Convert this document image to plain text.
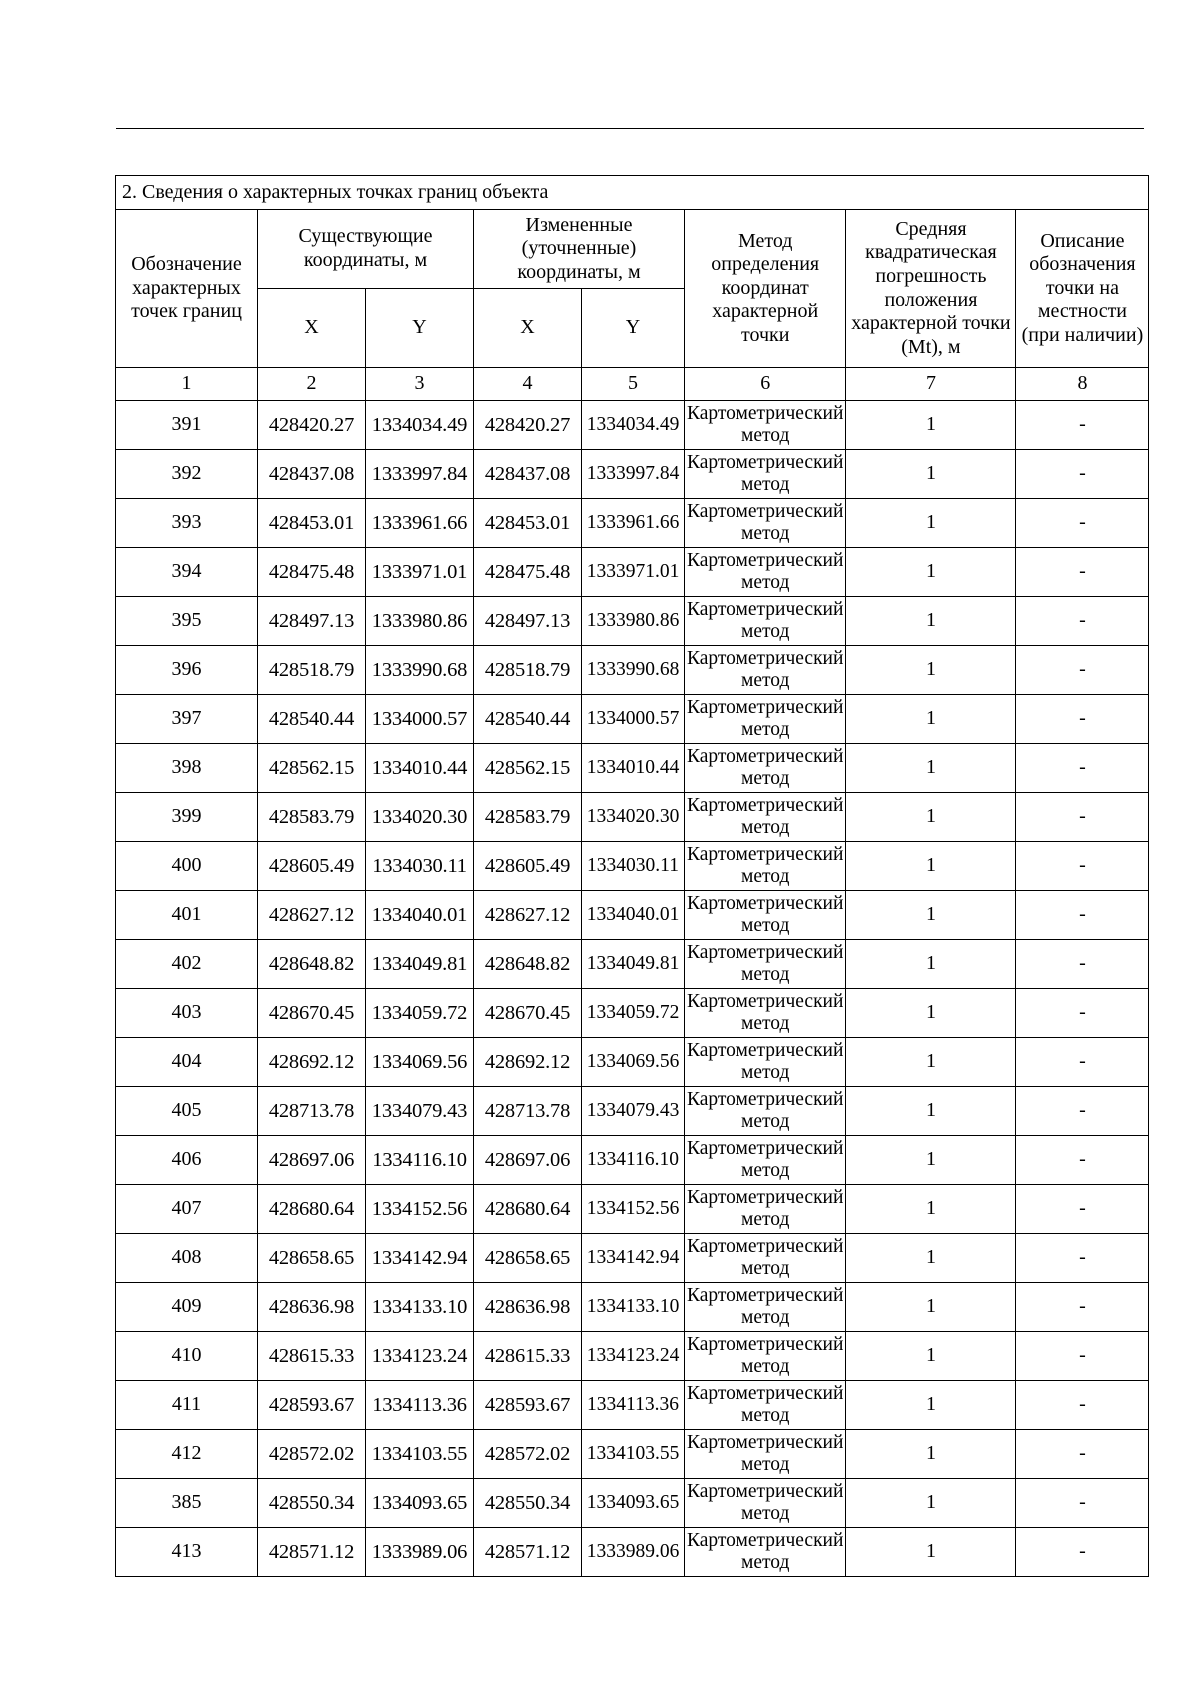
2. Сведения о характерных точках границ объекта							
Обозначение характерных точек границ	Существующие координаты, м		Измененные (уточненные) координаты, м		Метод определения координат характерной точки	Средняя квадратическая погрешность положения характерной точки (Mt), м	Описание обозначения точки на местности (при наличии)
	X	Y	X	Y			
1	2	3	4	5	6	7	8
391	428420.27	1334034.49	428420.27	1334034.49	Картометрический метод	1	-
392	428437.08	1333997.84	428437.08	1333997.84	Картометрический метод	1	-
393	428453.01	1333961.66	428453.01	1333961.66	Картометрический метод	1	-
394	428475.48	1333971.01	428475.48	1333971.01	Картометрический метод	1	-
395	428497.13	1333980.86	428497.13	1333980.86	Картометрический метод	1	-
396	428518.79	1333990.68	428518.79	1333990.68	Картометрический метод	1	-
397	428540.44	1334000.57	428540.44	1334000.57	Картометрический метод	1	-
398	428562.15	1334010.44	428562.15	1334010.44	Картометрический метод	1	-
399	428583.79	1334020.30	428583.79	1334020.30	Картометрический метод	1	-
400	428605.49	1334030.11	428605.49	1334030.11	Картометрический метод	1	-
401	428627.12	1334040.01	428627.12	1334040.01	Картометрический метод	1	-
402	428648.82	1334049.81	428648.82	1334049.81	Картометрический метод	1	-
403	428670.45	1334059.72	428670.45	1334059.72	Картометрический метод	1	-
404	428692.12	1334069.56	428692.12	1334069.56	Картометрический метод	1	-
405	428713.78	1334079.43	428713.78	1334079.43	Картометрический метод	1	-
406	428697.06	1334116.10	428697.06	1334116.10	Картометрический метод	1	-
407	428680.64	1334152.56	428680.64	1334152.56	Картометрический метод	1	-
408	428658.65	1334142.94	428658.65	1334142.94	Картометрический метод	1	-
409	428636.98	1334133.10	428636.98	1334133.10	Картометрический метод	1	-
410	428615.33	1334123.24	428615.33	1334123.24	Картометрический метод	1	-
411	428593.67	1334113.36	428593.67	1334113.36	Картометрический метод	1	-
412	428572.02	1334103.55	428572.02	1334103.55	Картометрический метод	1	-
385	428550.34	1334093.65	428550.34	1334093.65	Картометрический метод	1	-
413	428571.12	1333989.06	428571.12	1333989.06	Картометрический метод	1	-
